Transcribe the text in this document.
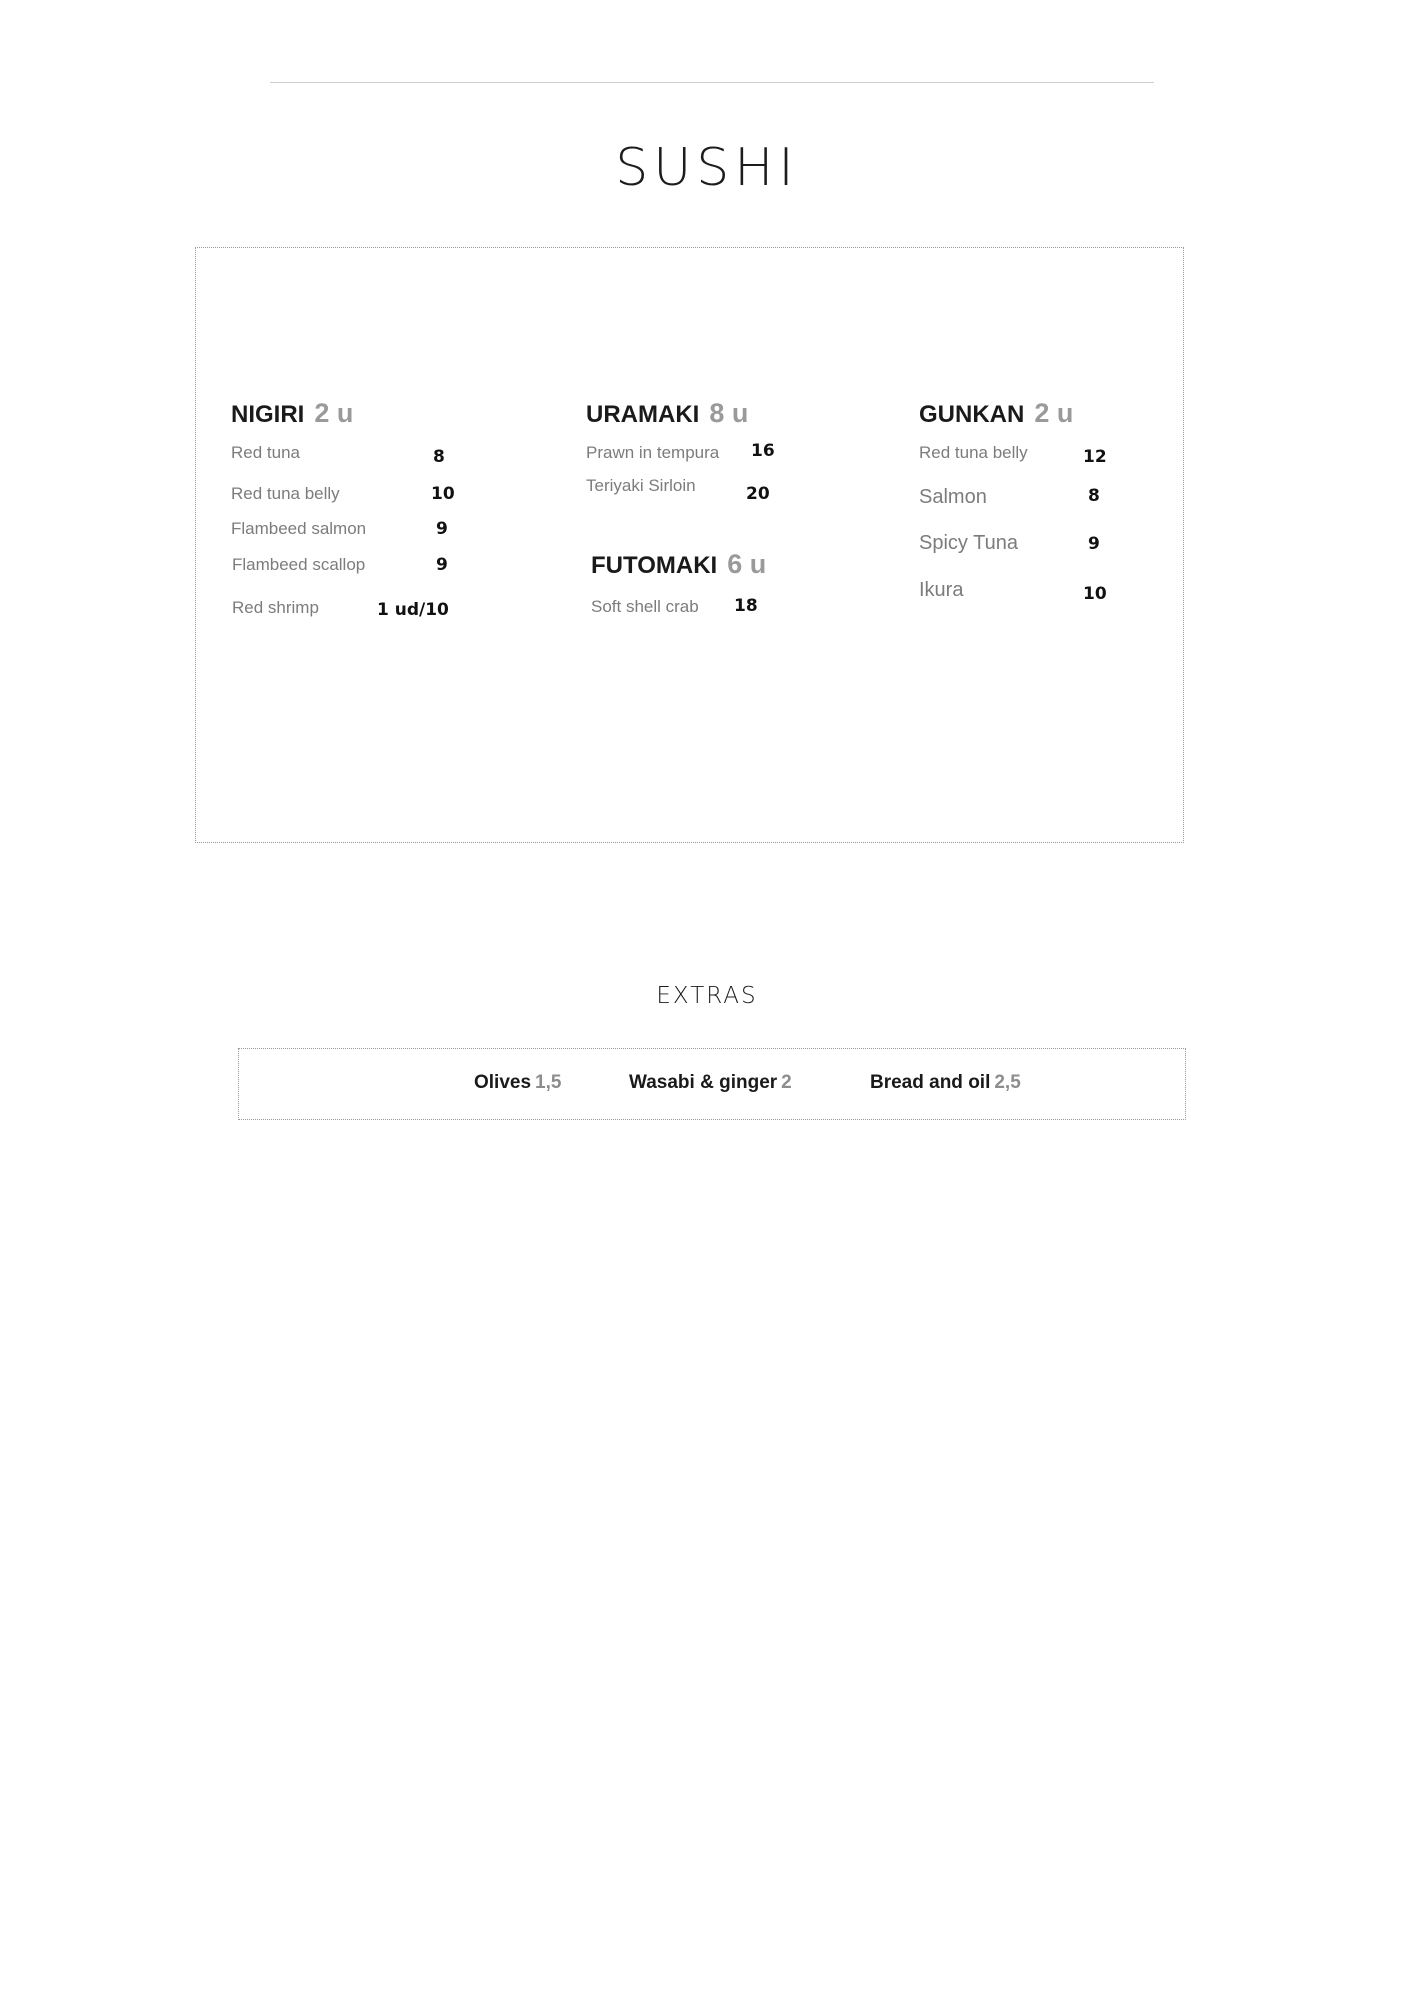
SUSHI
NIGIRI 2 u
Red tuna	8
Red tuna belly	10
Flambeed salmon	9
Flambeed scallop	9
Red shrimp	1 ud/10
URAMAKI 8 u
Prawn in tempura 16
Teriyaki Sirloin	20
FUTOMAKI 6 u
Soft shell crab 18
GUNKAN 2 u
Red tuna belly	12
Salmon	8
Spicy Tuna	9
Ikura	10
EXTRAS
Olives 1,5	Wasabi & ginger 2	Bread and oil 2,5
